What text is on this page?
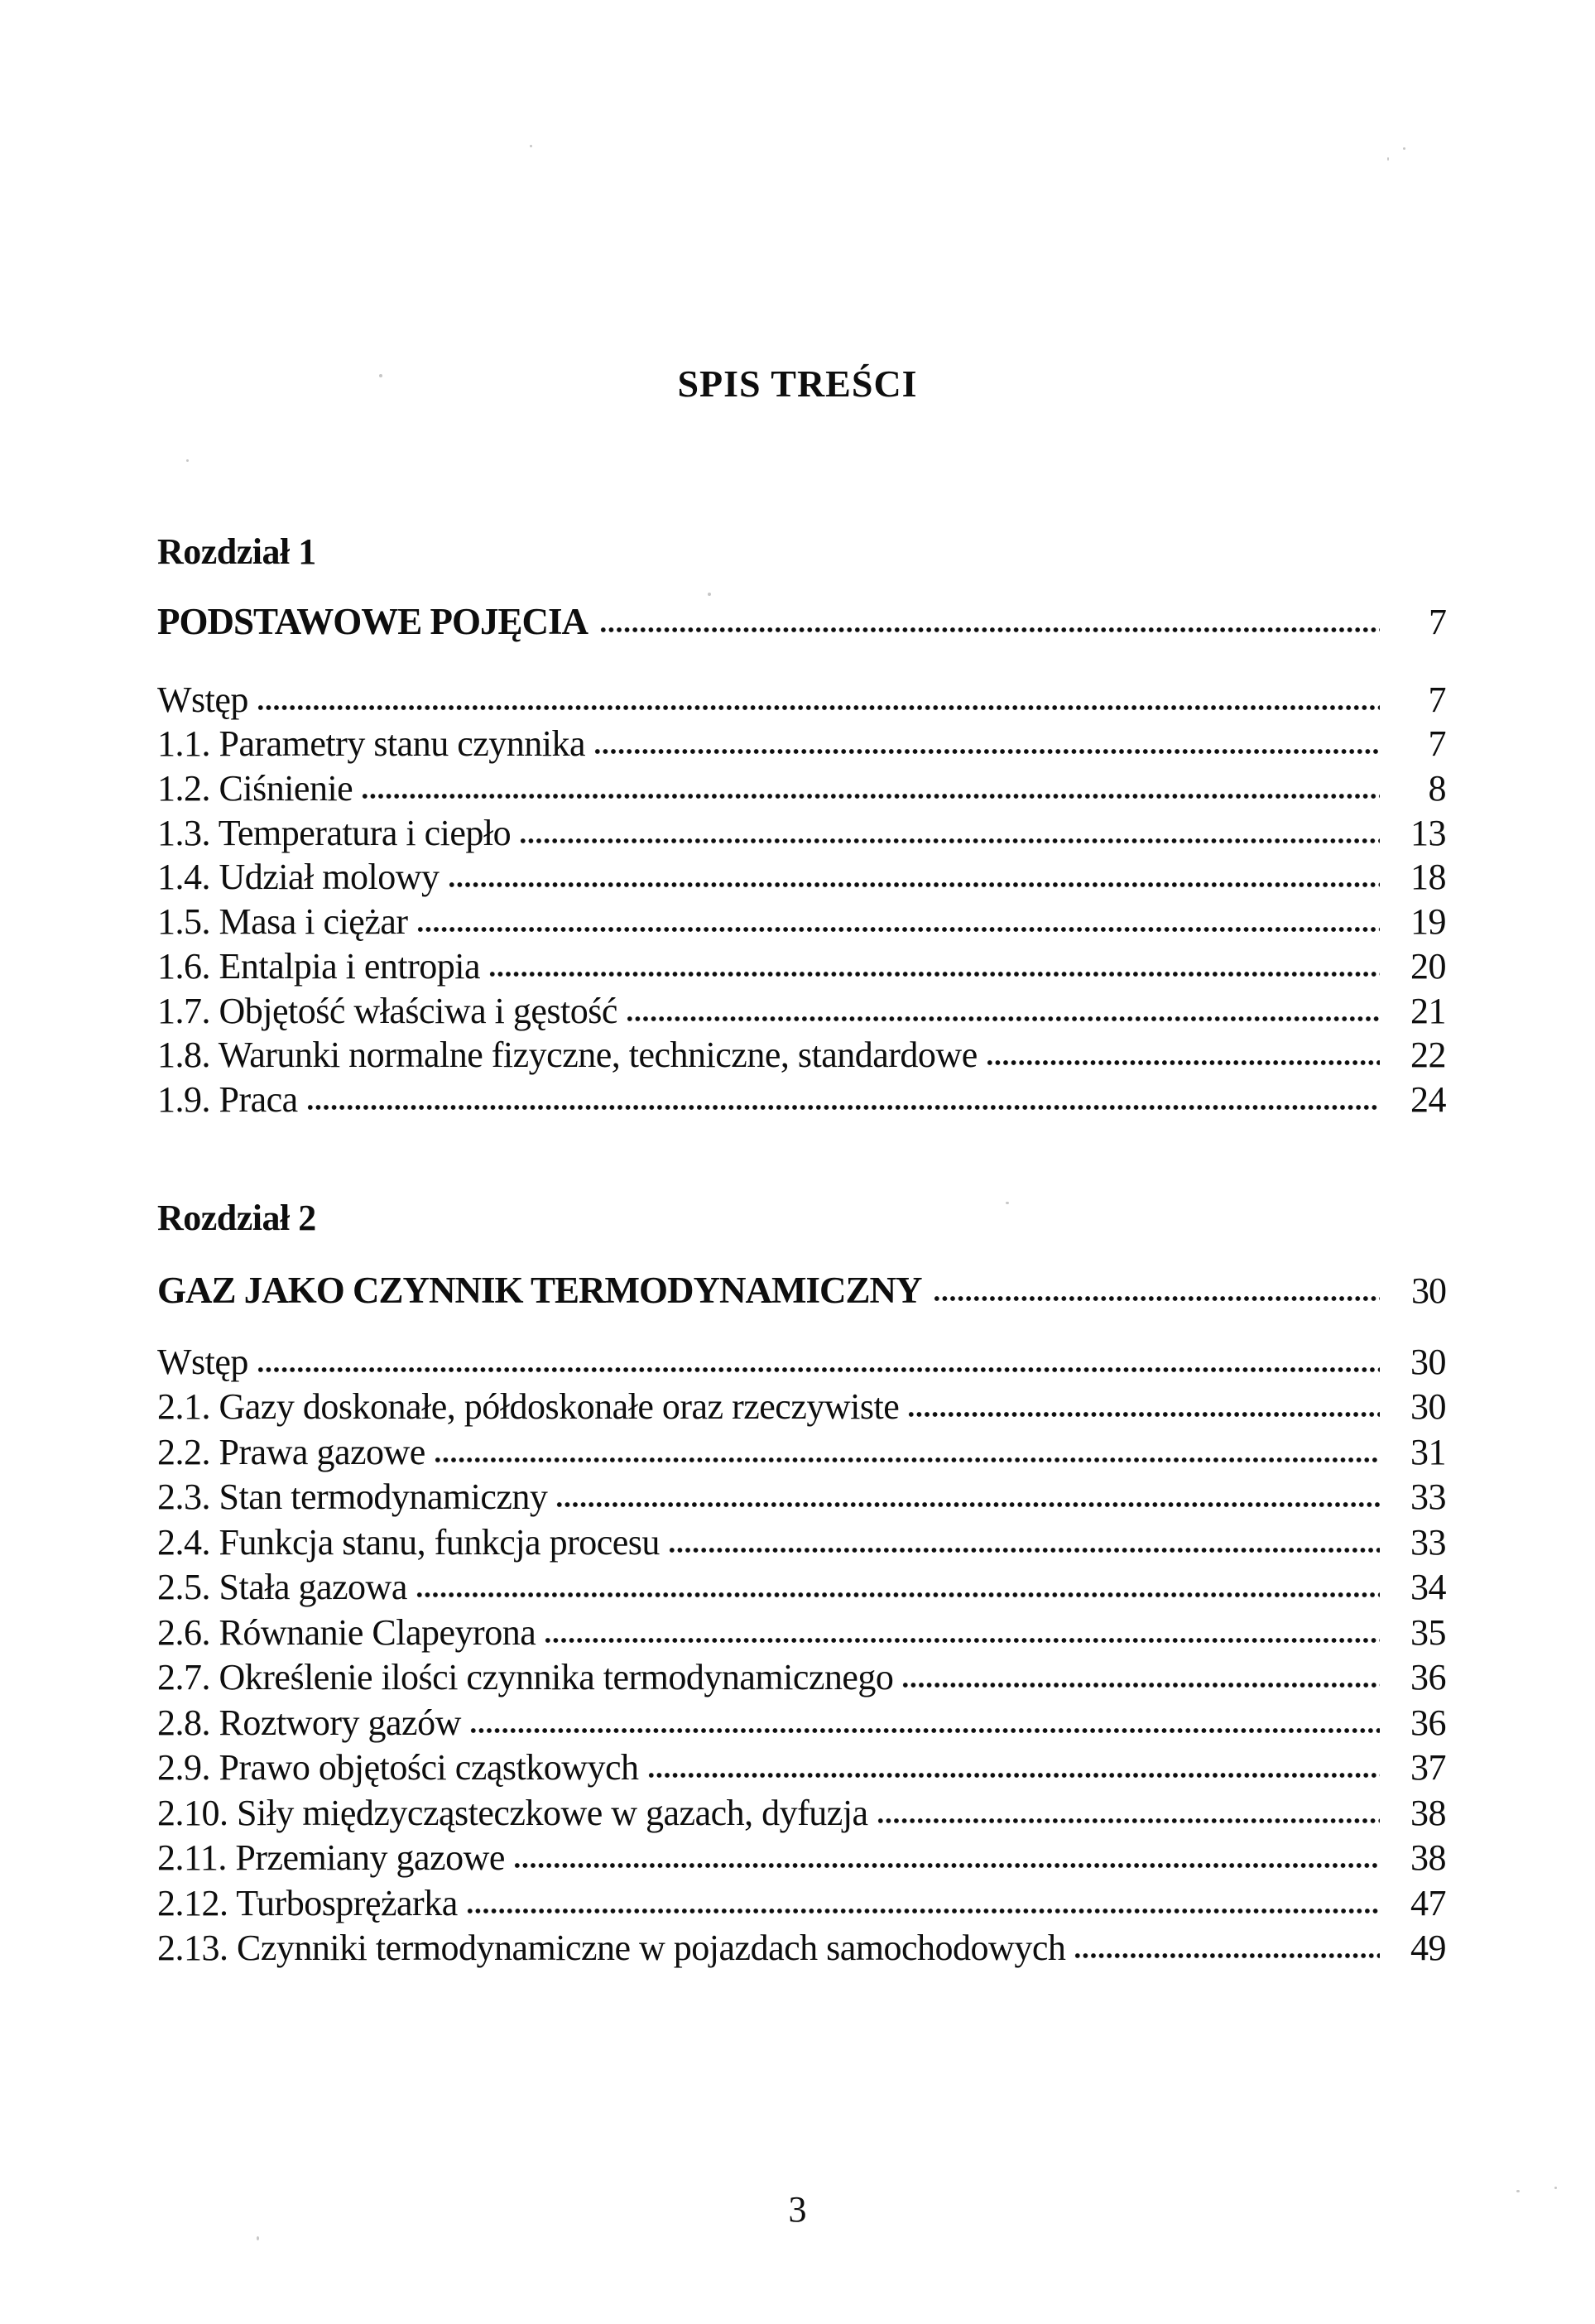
SPIS TREŚCI
Rozdział 1
PODSTAWOWE POJĘCIA	7
Wstęp	7
1.1. Parametry stanu czynnika	7
1.2. Ciśnienie	8
1.3. Temperatura i ciepło	13
1.4. Udział molowy	18
1.5. Masa i ciężar	19
1.6. Entalpia i entropia	20
1.7. Objętość właściwa i gęstość	21
1.8. Warunki normalne fizyczne, techniczne, standardowe	22
1.9. Praca	24
Rozdział 2
GAZ JAKO CZYNNIK TERMODYNAMICZNY	30
Wstęp	30
2.1. Gazy doskonałe, półdoskonałe oraz rzeczywiste	30
2.2. Prawa gazowe	31
2.3. Stan termodynamiczny	33
2.4. Funkcja stanu, funkcja procesu	33
2.5. Stała gazowa	34
2.6. Równanie Clapeyrona	35
2.7. Określenie ilości czynnika termodynamicznego	36
2.8. Roztwory gazów	36
2.9. Prawo objętości cząstkowych	37
2.10. Siły międzycząsteczkowe w gazach, dyfuzja	38
2.11. Przemiany gazowe	38
2.12. Turbosprężarka	47
2.13. Czynniki termodynamiczne w pojazdach samochodowych	49
3
